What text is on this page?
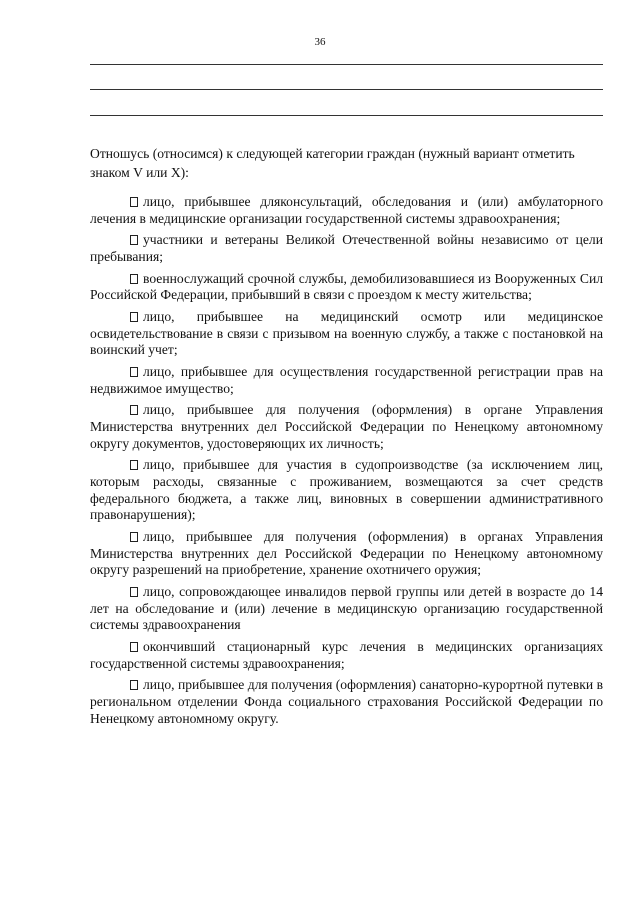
36

Отношусь (относимся) к следующей категории граждан (нужный вариант отметить знаком V или X):

лицо, прибывшее дляконсультаций, обследования и (или) амбулаторного лечения в медицинские организации государственной системы здравоохранения;

участники и ветераны Великой Отечественной войны независимо от цели пребывания;

военнослужащий срочной службы, демобилизовавшиеся из Вооруженных Сил Российской Федерации, прибывший в связи с проездом к месту жительства;

лицо, прибывшее на медицинский осмотр или медицинское освидетельствование в связи с призывом на военную службу, а также с постановкой на воинский учет;

лицо, прибывшее для осуществления государственной регистрации прав на недвижимое имущество;

лицо, прибывшее для получения (оформления) в органе Управления Министерства внутренних дел Российской Федерации по Ненецкому автономному округу документов, удостоверяющих их личность;

лицо, прибывшее для участия в судопроизводстве (за исключением лиц, которым расходы, связанные с проживанием, возмещаются за счет средств федерального бюджета, а также лиц, виновных в совершении административного правонарушения);

лицо, прибывшее для получения (оформления) в органах Управления Министерства внутренних дел Российской Федерации по Ненецкому автономному округу разрешений на приобретение, хранение охотничего оружия;

лицо, сопровождающее инвалидов первой группы или детей в возрасте до 14 лет на обследование и (или) лечение в медицинскую организацию государственной системы здравоохранения

окончивший стационарный курс лечения в медицинских организациях государственной системы здравоохранения;

лицо, прибывшее для получения (оформления) санаторно-курортной путевки в региональном отделении Фонда социального страхования Российской Федерации по Ненецкому автономному округу.
